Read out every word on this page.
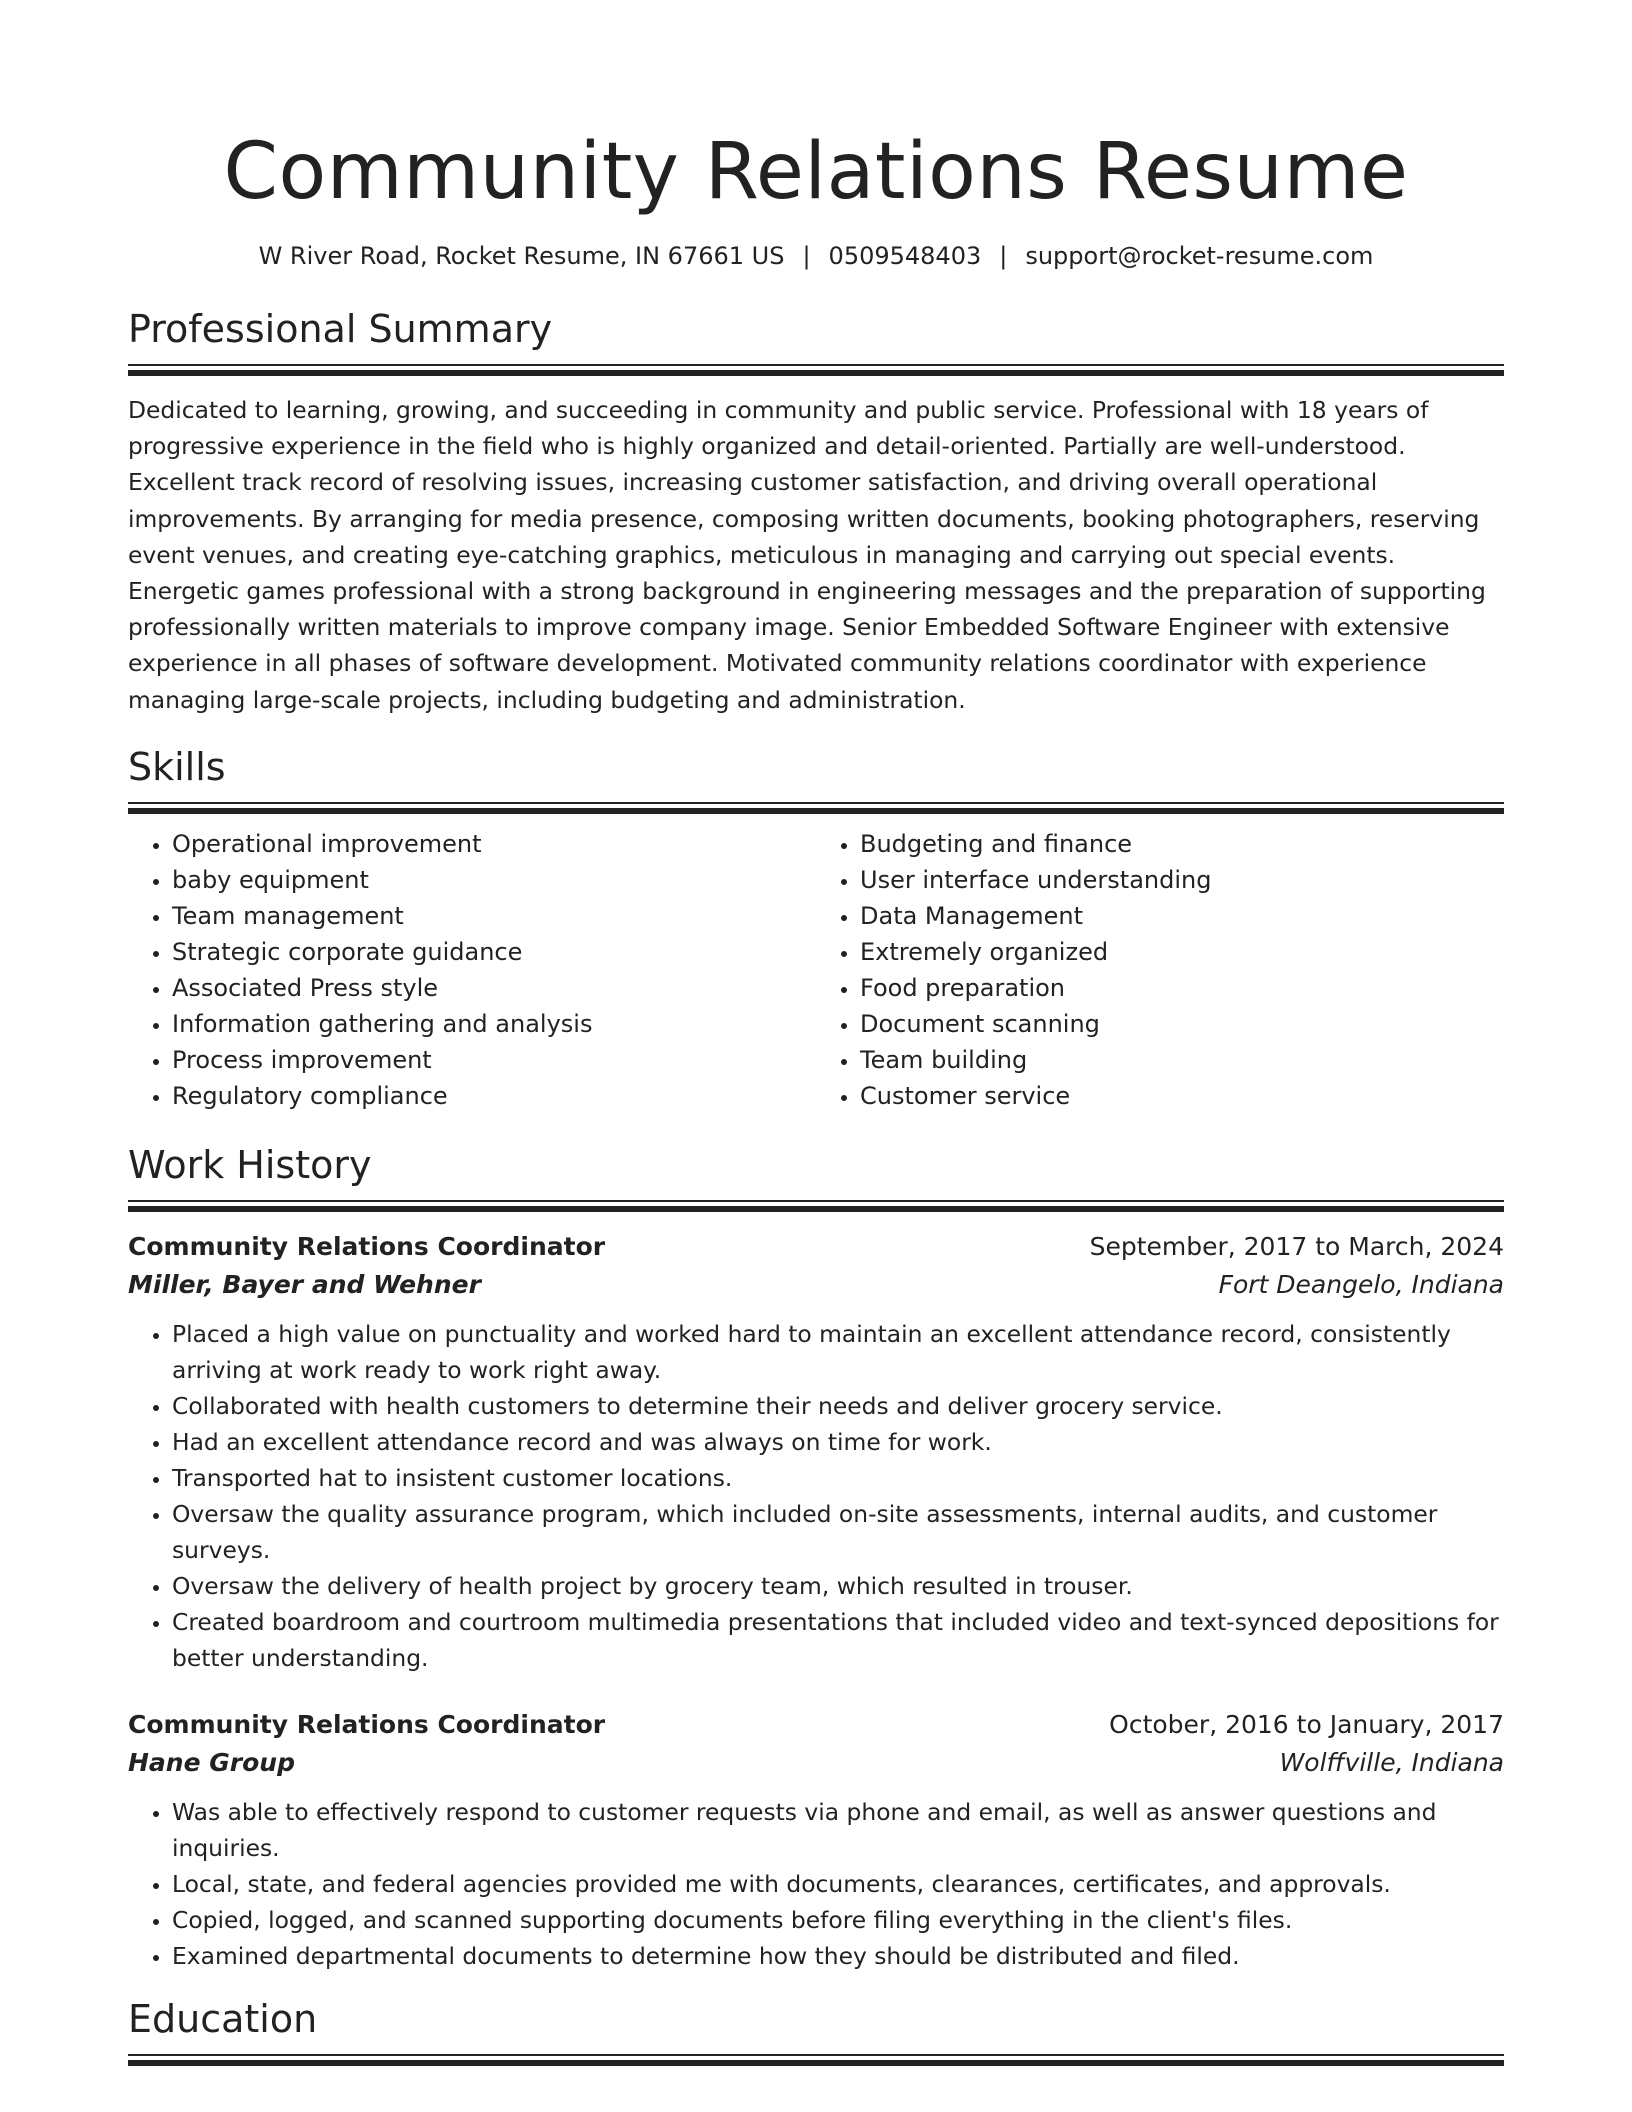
Community Relations Resume
W River Road, Rocket Resume, IN 67661 US | 0509548403 | support@rocket-resume.com
Professional Summary

Dedicated to learning, growing, and succeeding in community and public service. Professional with 18 years of progressive experience in the field who is highly organized and detail-oriented. Partially are well-understood. Excellent track record of resolving issues, increasing customer satisfaction, and driving overall operational improvements. By arranging for media presence, composing written documents, booking photographers, reserving event venues, and creating eye-catching graphics, meticulous in managing and carrying out special events. Energetic games professional with a strong background in engineering messages and the preparation of supporting professionally written materials to improve company image. Senior Embedded Software Engineer with extensive experience in all phases of software development. Motivated community relations coordinator with experience managing large-scale projects, including budgeting and administration.

Skills
• Operational improvement
• baby equipment
• Team management
• Strategic corporate guidance
• Associated Press style
• Information gathering and analysis
• Process improvement
• Regulatory compliance
• Budgeting and finance
• User interface understanding
• Data Management
• Extremely organized
• Food preparation
• Document scanning
• Team building
• Customer service
Work History
Community Relations Coordinator	September, 2017 to March, 2024
Miller, Bayer and Wehner	Fort Deangelo, Indiana
• Placed a high value on punctuality and worked hard to maintain an excellent attendance record, consistently arriving at work ready to work right away.
• Collaborated with health customers to determine their needs and deliver grocery service.
• Had an excellent attendance record and was always on time for work.
• Transported hat to insistent customer locations.
• Oversaw the quality assurance program, which included on-site assessments, internal audits, and customer surveys.
• Oversaw the delivery of health project by grocery team, which resulted in trouser.
• Created boardroom and courtroom multimedia presentations that included video and text-synced depositions for better understanding.
Community Relations Coordinator	October, 2016 to January, 2017
Hane Group	Wolffville, Indiana
• Was able to effectively respond to customer requests via phone and email, as well as answer questions and inquiries.
• Local, state, and federal agencies provided me with documents, clearances, certificates, and approvals.
• Copied, logged, and scanned supporting documents before filing everything in the client's files.
• Examined departmental documents to determine how they should be distributed and filed.
Education
